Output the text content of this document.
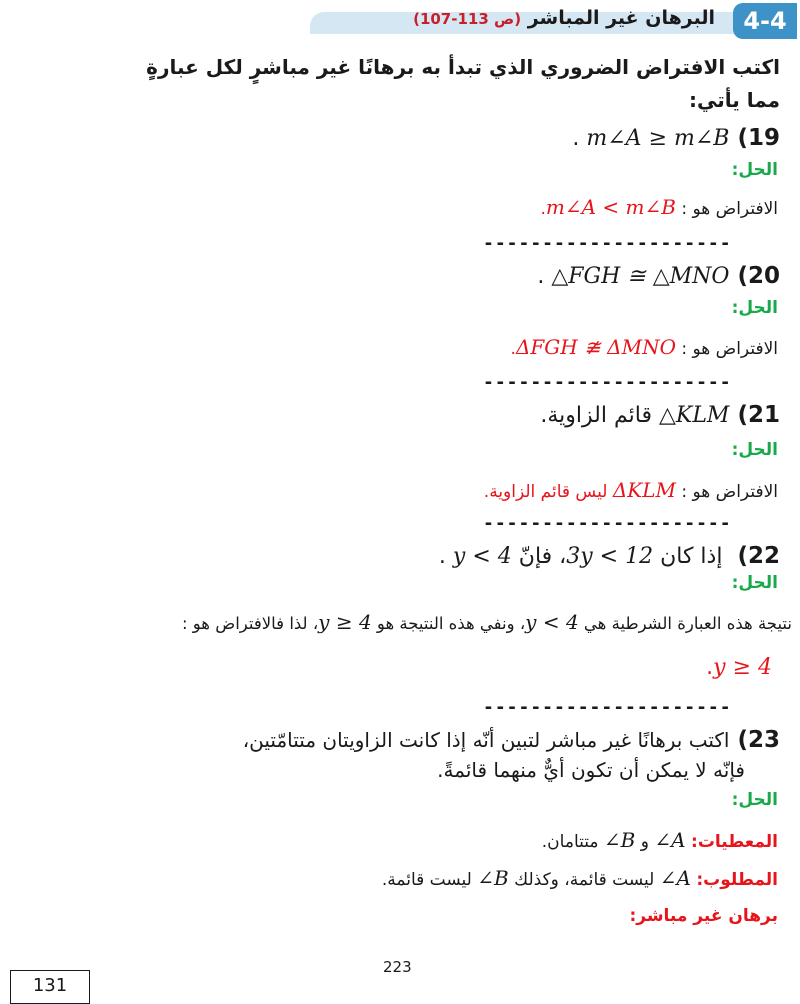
البرهان غير المباشر (ص 113-107)	4-4
اكتب الافتراض الضروري الذي تبدأ به برهانًا غير مباشرٍ لكل عبارةٍ
مما يأتي:
19)m∠A ≥ m∠B .
الحل:
الافتراض هو : m∠A < m∠B.
---------------------
20)△FGH ≅ △MNO .
الحل:
الافتراض هو : ΔFGH ≇ ΔMNO.
---------------------
21)△KLM قائم الزاوية.
الحل:
الافتراض هو : ΔKLM ليس قائم الزاوية.
---------------------
22) إذا كان 3y < 12، فإنّ y < 4 .
الحل:
نتيجة هذه العبارة الشرطية هي y < 4، ونفي هذه النتيجة هو y ≥ 4، لذا فالافتراض هو :
y ≥ 4.
---------------------
23)اكتب برهانًا غير مباشر لتبين أنّه إذا كانت الزاويتان متتامّتين،
فإنّه لا يمكن أن تكون أيٌّ منهما قائمةً.
الحل:
المعطيات: ∠A و ∠B متتامان.
المطلوب: ∠A ليست قائمة، وكذلك ∠B ليست قائمة.
برهان غير مباشر:
223
131
